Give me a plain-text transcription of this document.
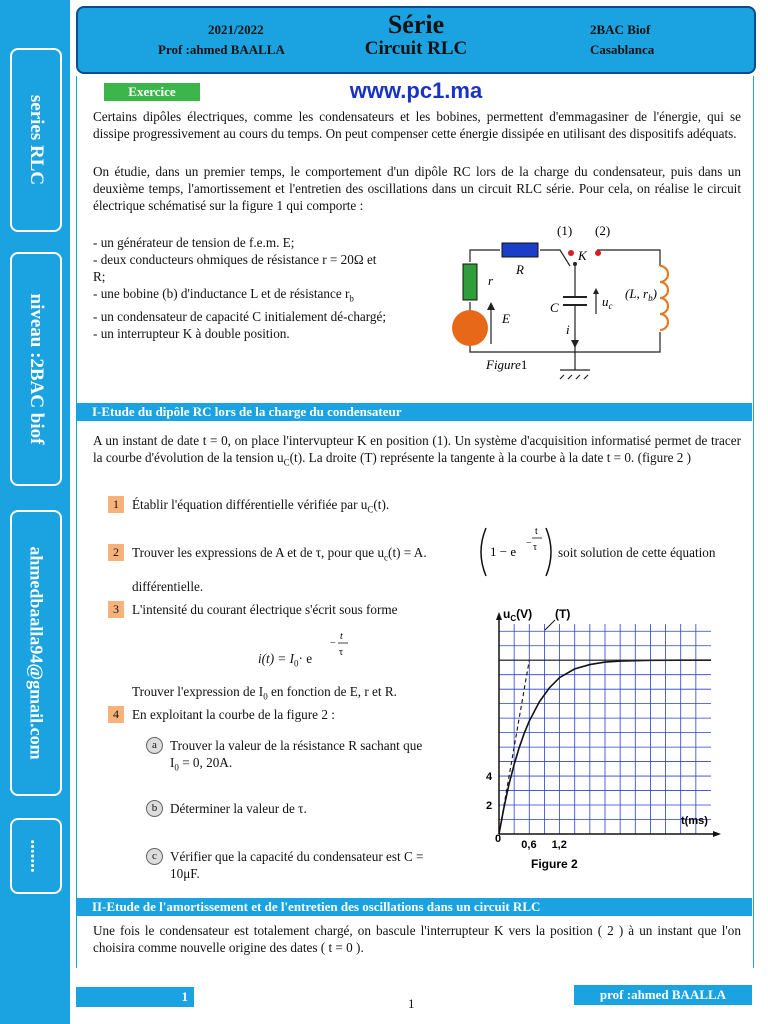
series RLC
niveau :2BAC biof
ahmedbaalla94@gmail.com
.......
2021/2022
Prof :ahmed BAALLA
Série
Circuit RLC
2BAC Biof
Casablanca
Exercice	www.pc1.ma
Certains dipôles électriques, comme les condensateurs et les bobines, permettent d'emmagasiner de l'énergie, qui se dissipe progressivement au cours du temps. On peut compenser cette énergie dissipée en utilisant des dispositifs adéquats.
On étudie, dans un premier temps, le comportement d'un dipôle RC lors de la charge du condensateur, puis dans un deuxième temps, l'amortissement et l'entretien des oscillations dans un circuit RLC série. Pour cela, on réalise le circuit électrique schématisé sur la figure 1 qui comporte :
- un générateur de tension de f.e.m. E;
- deux conducteurs ohmiques de résistance r = 20Ω et R;
- une bobine (b) d'inductance L et de résistance $r_b$
- un condensateur de capacité C initialement dé-chargé;
- un interrupteur K à double position.
(1) (2)
R
K
r
E
C	$u_c$
i
(L, $r_b$)
Figure1
I-Etude du dipôle RC lors de la charge du condensateur
A un instant de date t = 0, on place l'intervupteur K en position (1). Un système d'acquisition informatisé permet de tracer la courbe d'évolution de la tension $u_C(t)$. La droite (T) représente la tangente à la courbe à la date t = 0. (figure 2 )
1 Établir l'équation différentielle vérifiée par $u_C(t)$.
2 Trouver les expressions de A et de τ, pour que $u_c(t) = A$.	1 − e
−
t
τ soit solution de cette équation
différentielle.
3 L'intensité du courant électrique s'écrit sous forme
$i(t) = I_0\cdot e$
−
t
τ
Trouver l'expression de $I_0$ en fonction de E, r et R.
4 En exploitant la courbe de la figure 2 :
a Trouver la valeur de la résistance R sachant que
$I_0 = 0$, 20A.
b Déterminer la valeur de τ.
c Vérifier que la capacité du condensateur est C =
10μF.
0,6 1,2
2
4
0
$u_C(V)$ (T)
t(ms)
Figure 2
II-Etude de l'amortissement et de l'entretien des oscillations dans un circuit RLC
Une fois le condensateur est totalement chargé, on bascule l'interrupteur K vers la position ( 2 ) à un instant que l'on choisira comme nouvelle origine des dates ( t = 0 ).
1	1
prof :ahmed BAALLA
